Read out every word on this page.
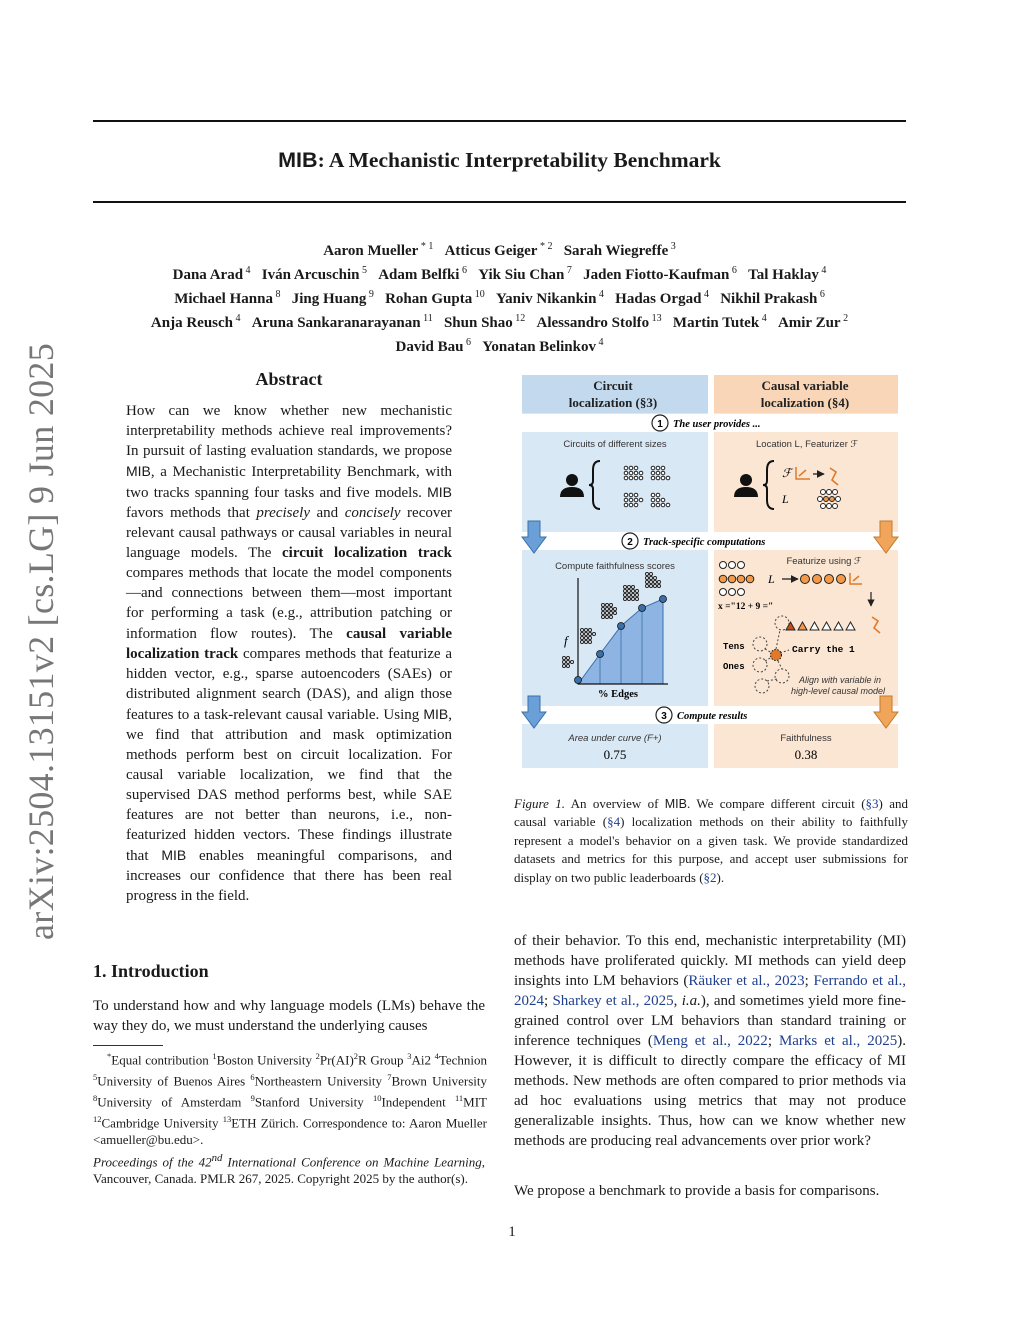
MIB: A Mechanistic Interpretability Benchmark
Aaron Mueller $^{* 1}$ Atticus Geiger $^{* 2}$ Sarah Wiegreffe $^3$
Dana Arad $^4$ Iván Arcuschin $^5$ Adam Belfki $^6$ Yik Siu Chan $^7$ Jaden Fiotto-Kaufman $^6$ Tal Haklay $^4$
Michael Hanna $^8$ Jing Huang $^9$ Rohan Gupta $^{10}$ Yaniv Nikankin $^4$ Hadas Orgad $^4$ Nikhil Prakash $^6$
Anja Reusch $^4$ Aruna Sankaranarayanan $^{11}$ Shun Shao $^{12}$ Alessandro Stolfo $^{13}$ Martin Tutek $^4$ Amir Zur $^2$
David Bau $^6$ Yonatan Belinkov $^4$
arXiv:2504.13151v2 [cs.LG] 9 Jun 2025	Abstract
How can we know whether new mechanistic interpretability methods achieve real improvements? In pursuit of lasting evaluation standards, we propose MIB, a Mechanistic Interpretability Benchmark, with two tracks spanning four tasks and five models. MIB favors methods that precisely and concisely recover relevant causal pathways or causal variables in neural language models. The circuit localization track compares methods that locate the model components—and connections between them—most important for performing a task (e.g., attribution patching or information flow routes). The causal variable localization track compares methods that featurize a hidden vector, e.g., sparse autoencoders (SAEs) or distributed alignment search (DAS), and align those features to a task-relevant causal variable. Using MIB, we find that attribution and mask optimization methods perform best on circuit localization. For causal variable localization, we find that the supervised DAS method performs best, while SAE features are not better than neurons, i.e., non-featurized hidden vectors. These findings illustrate that MIB enables meaningful comparisons, and increases our confidence that there has been real progress in the field.
1. Introduction
To understand how and why language models (LMs) behave the way they do, we must understand the underlying causes
*Equal contribution $^1$Boston University $^2$Pr(AI)$^2$R Group $^3$Ai2 $^4$Technion $^5$University of Buenos Aires $^6$Northeastern University $^7$Brown University $^8$University of Amsterdam $^9$Stanford University $^{10}$Independent $^{11}$MIT $^{12}$Cambridge University $^{13}$ETH Zürich. Correspondence to: Aaron Mueller <amueller@bu.edu>.
Proceedings of the 42nd International Conference on Machine Learning, Vancouver, Canada. PMLR 267, 2025. Copyright 2025 by the author(s).
Circuit
localization (§3)
Causal variable
localization (§4)
1 The user provides ...
Circuits of different sizes	Location L, Featurizer ℱ
ℱ
L
2 Track-specific computations
Compute faithfulness scores	Featurize using ℱ
f
% Edges
L
x ="12 + 9 ="
Tens
Ones
Carry the 1
Align with variable in
high-level causal model
3 Compute results
Area under curve (F+)
0.75
Faithfulness
0.38
Figure 1. An overview of MIB. We compare different circuit (§3) and causal variable (§4) localization methods on their ability to faithfully represent a model's behavior on a given task. We provide standardized datasets and metrics for this purpose, and accept user submissions for display on two public leaderboards (§2).
of their behavior. To this end, mechanistic interpretability (MI) methods have proliferated quickly. MI methods can yield deep insights into LM behaviors (Räuker et al., 2023; Ferrando et al., 2024; Sharkey et al., 2025, i.a.), and sometimes yield more fine-grained control over LM behaviors than standard training or inference techniques (Meng et al., 2022; Marks et al., 2025). However, it is difficult to directly compare the efficacy of MI methods. New methods are often compared to prior methods via ad hoc evaluations using metrics that may not produce generalizable insights. Thus, how can we know whether new methods are producing real advancements over prior work?
We propose a benchmark to provide a basis for comparisons.
1
